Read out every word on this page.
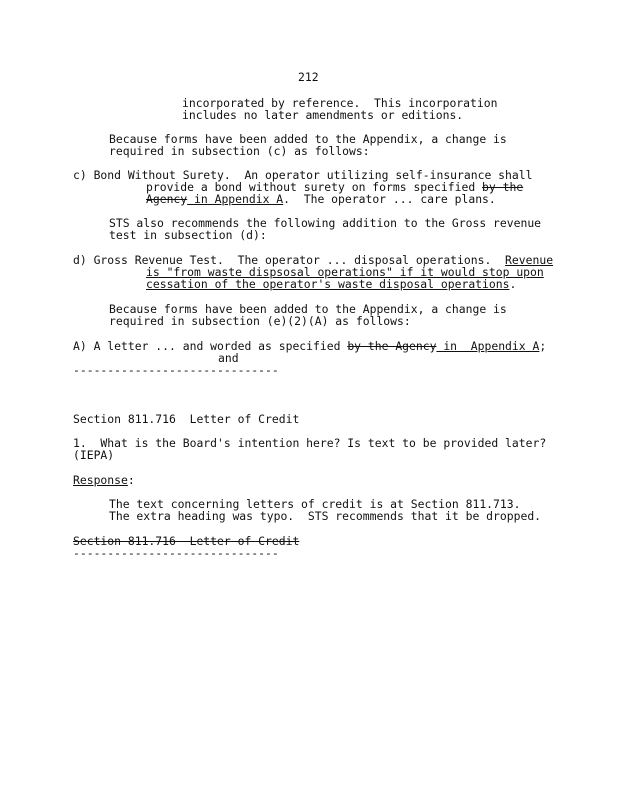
212
incorporated by reference.  This incorporation
includes no later amendments or editions.
Because forms have been added to the Appendix, a change is
required in subsection (c) as follows:
c) Bond Without Surety.  An operator utilizing self-insurance shall
provide a bond without surety on forms specified by the
Agency in Appendix A.  The operator ... care plans.
STS also recommends the following addition to the Gross revenue
test in subsection (d):
d) Gross Revenue Test.  The operator ... disposal operations.  Revenue
is "from waste dispsosal operations" if it would stop upon
cessation of the operator's waste disposal operations.
Because forms have been added to the Appendix, a change is
required in subsection (e)(2)(A) as follows:
A) A letter ... and worded as specified by the Agency in  Appendix A;
and
------------------------------
Section 811.716  Letter of Credit
1.  What is the Board's intention here? Is text to be provided later?
(IEPA)
Response:
The text concerning letters of credit is at Section 811.713.
The extra heading was typo.  STS recommends that it be dropped.
Section 811.716  Letter of Credit
------------------------------
